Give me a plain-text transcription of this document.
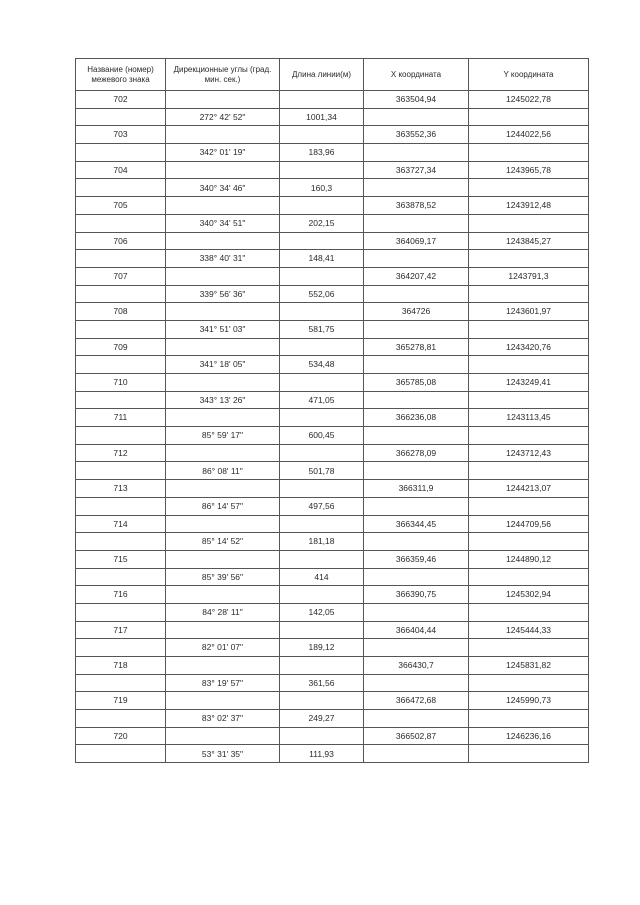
Название (номер) межевого знака	Дирекционные углы (град. мин. сек.)	Длина линии(м)	X координата	Y координата
702			363504,94	1245022,78
	272° 42' 52"	1001,34		
703			363552,36	1244022,56
	342° 01' 19"	183,96		
704			363727,34	1243965,78
	340° 34' 46"	160,3		
705			363878,52	1243912,48
	340° 34' 51"	202,15		
706			364069,17	1243845,27
	338° 40' 31"	148,41		
707			364207,42	1243791,3
	339° 56' 36"	552,06		
708			364726	1243601,97
	341° 51' 03"	581,75		
709			365278,81	1243420,76
	341° 18' 05"	534,48		
710			365785,08	1243249,41
	343° 13' 26"	471,05		
711			366236,08	1243113,45
	85° 59' 17"	600,45		
712			366278,09	1243712,43
	86° 08' 11"	501,78		
713			366311,9	1244213,07
	86° 14' 57"	497,56		
714			366344,45	1244709,56
	85° 14' 52"	181,18		
715			366359,46	1244890,12
	85° 39' 56"	414		
716			366390,75	1245302,94
	84° 28' 11"	142,05		
717			366404,44	1245444,33
	82° 01' 07"	189,12		
718			366430,7	1245831,82
	83° 19' 57"	361,56		
719			366472,68	1245990,73
	83° 02' 37"	249,27		
720			366502,87	1246236,16
	53° 31' 35"	111,93		
